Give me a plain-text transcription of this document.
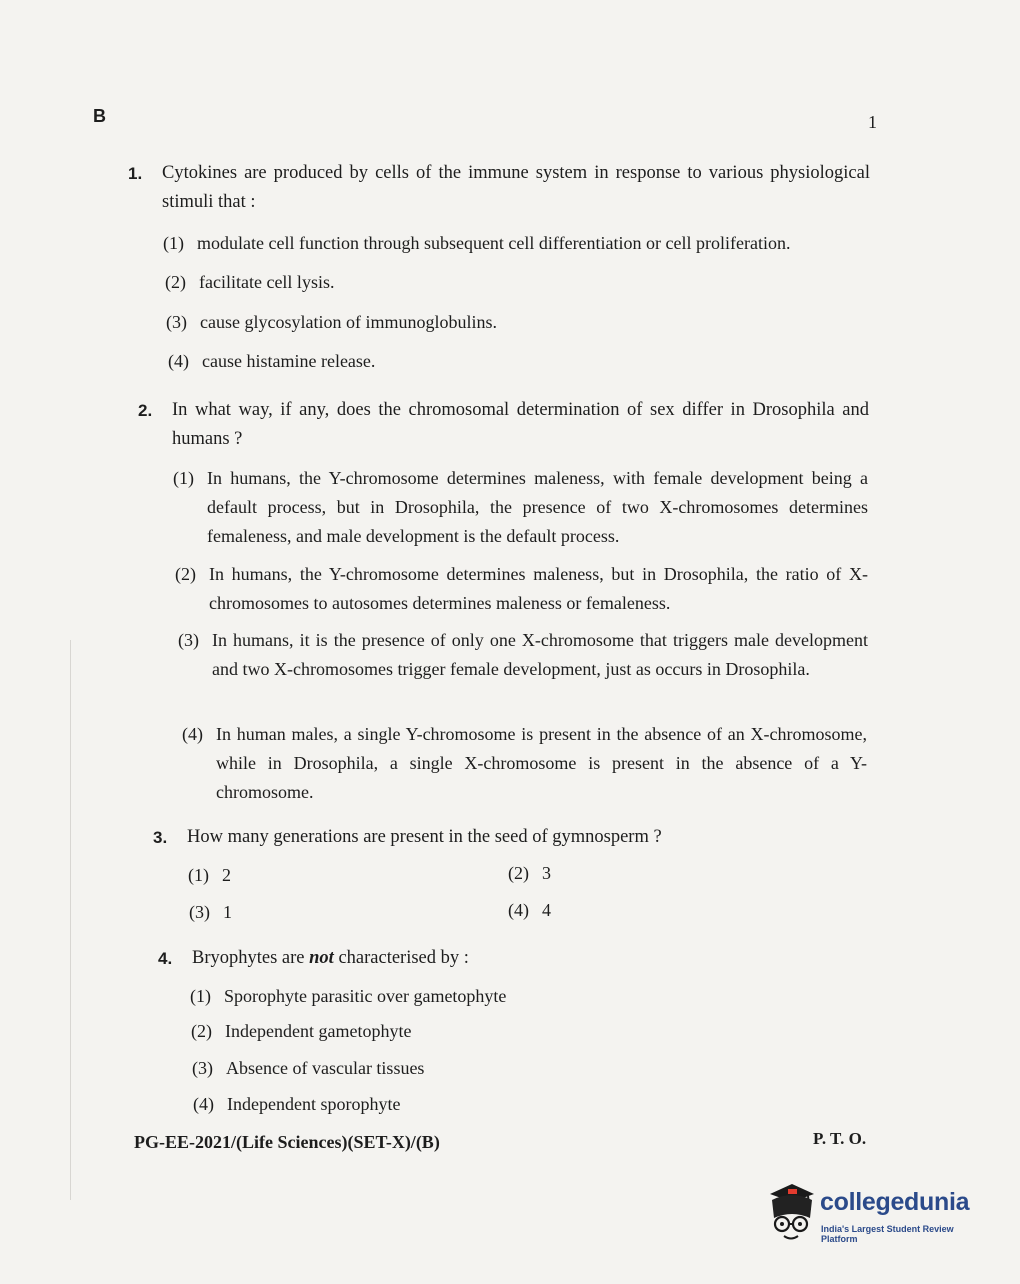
B	1
1. Cytokines are produced by cells of the immune system in response to various physiological stimuli that :
(1) modulate cell function through subsequent cell differentiation or cell proliferation.
(2) facilitate cell lysis.
(3) cause glycosylation of immunoglobulins.
(4) cause histamine release.
2. In what way, if any, does the chromosomal determination of sex differ in Drosophila and humans ?
(1) In humans, the Y-chromosome determines maleness, with female development being a default process, but in Drosophila, the presence of two X-chromosomes determines femaleness, and male development is the default process.
(2) In humans, the Y-chromosome determines maleness, but in Drosophila, the ratio of X-chromosomes to autosomes determines maleness or femaleness.
(3) In humans, it is the presence of only one X-chromosome that triggers male development and two X-chromosomes trigger female development, just as occurs in Drosophila.
(4) In human males, a single Y-chromosome is present in the absence of an X-chromosome, while in Drosophila, a single X-chromosome is present in the absence of a Y-chromosome.
3. How many generations are present in the seed of gymnosperm ?
(1) 2	(2) 3
(3) 1	(4) 4
4. Bryophytes are not characterised by :
(1) Sporophyte parasitic over gametophyte
(2) Independent gametophyte
(3) Absence of vascular tissues
(4) Independent sporophyte
PG-EE-2021/(Life Sciences)(SET-X)/(B)	P. T. O.
collegedunia
India's Largest Student Review Platform
